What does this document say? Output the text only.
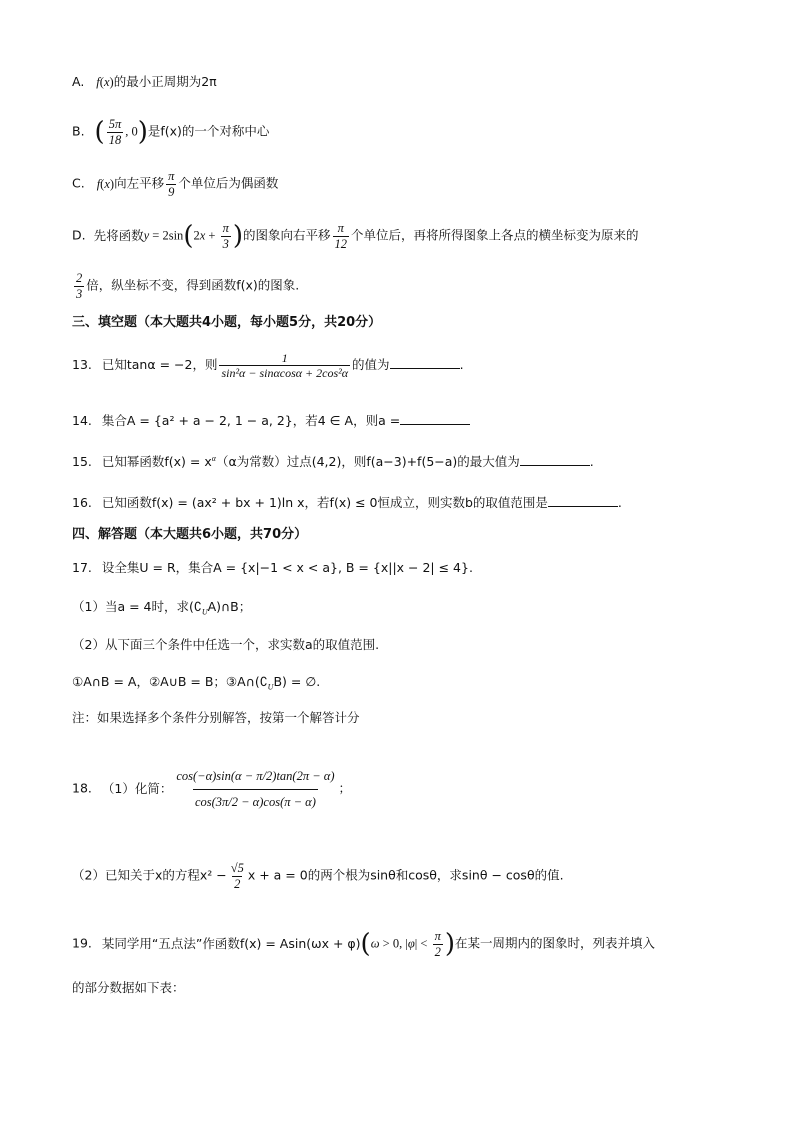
A. f(x)的最小正周期为2π
B. ( $\frac{5\pi}{18}$ , 0)是f(x)的一个对称中心
C. f(x)向左平移 $\frac{\pi}{9}$ 个单位后为偶函数
D. 先将函数$y = 2\sin(2x + \frac{\pi}{3}$ )的图象向右平移 $\frac{\pi}{12}$ 个单位后，再将所得图象上各点的横坐标变为原来的
$\frac{2}{3}$ 倍，纵坐标不变，得到函数f(x)的图象.
三、填空题（本大题共4小题，每小题5分，共20分）
13. 已知tanα = −2，则 $\frac{1}{\text{sin²α − sinαcosα + 2cos²α}}$ 的值为	.
14. 集合A = {a² + a − 2, 1 − a, 2}，若4 ∈ A，则a =
15. 已知幂函数$f(x) = x^\alpha(\alpha$为常数）过点(4,2)，则f(a−3)+f(5−a)的最大值为	.
16. 已知函数f(x) = (ax² + bx + 1)ln x，若f(x) ≤ 0恒成立，则实数b的取值范围是	.
四、解答题（本大题共6小题，共70分）
17. 设全集U = R，集合A = {x|−1 < x < a}, B = {x||x − 2| ≤ 4}.
（1）当a = 4时，求$(∁_UA)\cap B$；
（2）从下面三个条件中任选一个，求实数a的取值范围.
①A∩B = A，②A∪B = B；$③A\cap(∁_UB)$ = ∅.
注：如果选择多个条件分别解答，按第一个解答计分
18. （1）化简： $\frac{\cos(-\alpha)\sin(\alpha - \pi/2)\tan(2\pi - \alpha)}{\cos(3\pi/2 - \alpha)\cos(\pi - \alpha)}$ ；
（2）已知关于x的方程$x^2 - \frac{√5}{2}$ x + a = 0的两个根为sinθ和cosθ，求sinθ − cosθ的值.
19. 某同学用“五点法”作函数f(x) = Asin(ωx + φ)(ω > 0, $|\varphi| < \frac{\pi}{2}$ )在某一周期内的图象时，列表并填入
的部分数据如下表：
